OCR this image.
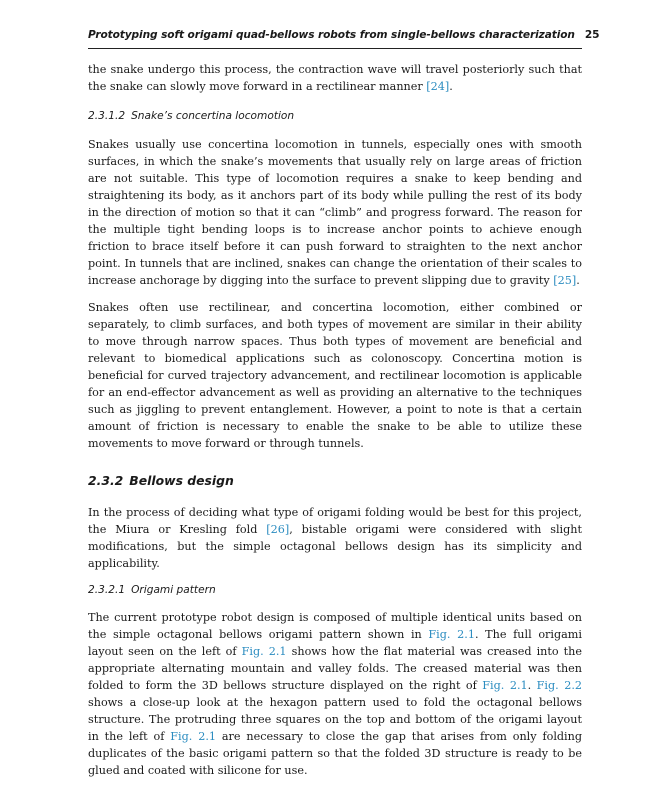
Prototyping soft origami quad-bellows robots from single-bellows characterization 25

the snake undergo this process, the contraction wave will travel posteriorly such that the snake can slowly move forward in a rectilinear manner [24].

2.3.1.2 Snake’s concertina locomotion

Snakes usually use concertina locomotion in tunnels, especially ones with smooth surfaces, in which the snake’s movements that usually rely on large areas of friction are not suitable. This type of locomotion requires a snake to keep bending and straightening its body, as it anchors part of its body while pulling the rest of its body in the direction of motion so that it can “climb” and progress forward. The reason for the multiple tight bending loops is to increase anchor points to achieve enough friction to brace itself before it can push forward to straighten to the next anchor point. In tunnels that are inclined, snakes can change the orientation of their scales to increase anchorage by digging into the surface to prevent slipping due to gravity [25].

Snakes often use rectilinear, and concertina locomotion, either combined or separately, to climb surfaces, and both types of movement are similar in their ability to move through narrow spaces. Thus both types of movement are beneficial and relevant to biomedical applications such as colonoscopy. Concertina motion is beneficial for curved trajectory advancement, and rectilinear locomotion is applicable for an end-effector advancement as well as providing an alternative to the techniques such as jiggling to prevent entanglement. However, a point to note is that a certain amount of friction is necessary to enable the snake to be able to utilize these movements to move forward or through tunnels.

2.3.2 Bellows design

In the process of deciding what type of origami folding would be best for this project, the Miura or Kresling fold [26], bistable origami were considered with slight modifications, but the simple octagonal bellows design has its simplicity and applicability.

2.3.2.1 Origami pattern

The current prototype robot design is composed of multiple identical units based on the simple octagonal bellows origami pattern shown in Fig. 2.1. The full origami layout seen on the left of Fig. 2.1 shows how the flat material was creased into the appropriate alternating mountain and valley folds. The creased material was then folded to form the 3D bellows structure displayed on the right of Fig. 2.1. Fig. 2.2 shows a close-up look at the hexagon pattern used to fold the octagonal bellows structure. The protruding three squares on the top and bottom of the origami layout in the left of Fig. 2.1 are necessary to close the gap that arises from only folding duplicates of the basic origami pattern so that the folded 3D structure is ready to be glued and coated with silicone for use.
